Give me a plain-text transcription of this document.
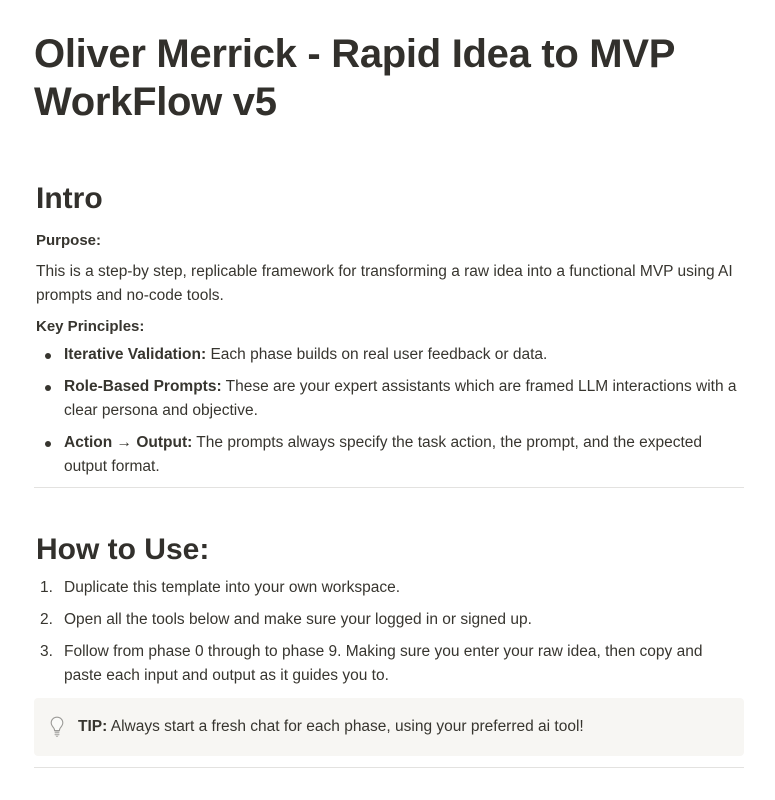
Oliver Merrick - Rapid Idea to MVP WorkFlow v5
Intro
Purpose:
This is a step-by step, replicable framework for transforming a raw idea into a functional MVP using AI prompts and no-code tools.
Key Principles:
Iterative Validation: Each phase builds on real user feedback or data.
Role-Based Prompts: These are your expert assistants which are framed LLM interactions with a clear persona and objective.
Action → Output: The prompts always specify the task action, the prompt, and the expected output format.
How to Use:
1. Duplicate this template into your own workspace.
2. Open all the tools below and make sure your logged in or signed up.
3. Follow from phase 0 through to phase 9. Making sure you enter your raw idea, then copy and paste each input and output as it guides you to.
TIP: Always start a fresh chat for each phase, using your preferred ai tool!
